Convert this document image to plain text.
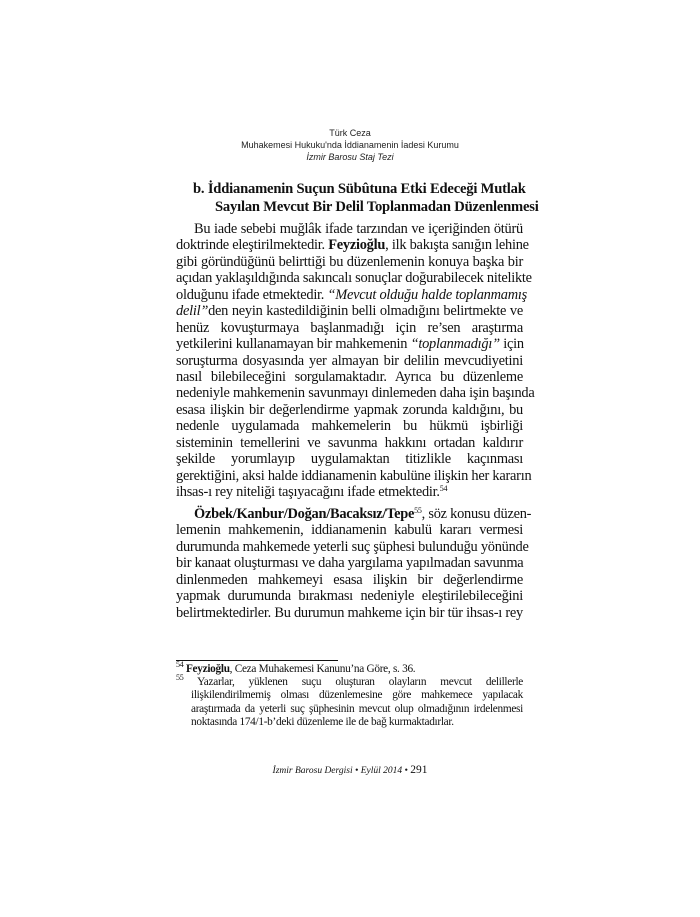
Türk Ceza
Muhakemesi Hukuku'nda İddianamenin İadesi Kurumu
İzmir Barosu Staj Tezi
b. İddianamenin Suçun Sübûtuna Etki Edeceği Mutlak
Sayılan Mevcut Bir Delil Toplanmadan Düzenlenmesi
Bu iade sebebi muğlâk ifade tarzından ve içeriğinden ötürü
doktrinde eleştirilmektedir. Feyzioğlu, ilk bakışta sanığın lehine
gibi göründüğünü belirttiği bu düzenlemenin konuya başka bir
açıdan yaklaşıldığında sakıncalı sonuçlar doğurabilecek nitelikte
olduğunu ifade etmektedir. “Mevcut olduğu halde toplanmamış
delil”den neyin kastedildiğinin belli olmadığını belirtmekte ve
henüz kovuşturmaya başlanmadığı için re’sen araştırma
yetkilerini kullanamayan bir mahkemenin “toplanmadığı” için
soruşturma dosyasında yer almayan bir delilin mevcudiyetini
nasıl bilebileceğini sorgulamaktadır. Ayrıca bu düzenleme
nedeniyle mahkemenin savunmayı dinlemeden daha işin başında
esasa ilişkin bir değerlendirme yapmak zorunda kaldığını, bu
nedenle uygulamada mahkemelerin bu hükmü işbirliği
sisteminin temellerini ve savunma hakkını ortadan kaldırır
şekilde yorumlayıp uygulamaktan titizlikle kaçınması
gerektiğini, aksi halde iddianamenin kabulüne ilişkin her kararın
ihsas-ı rey niteliği taşıyacağını ifade etmektedir.$^{54}$
Özbek/Kanbur/Doğan/Bacaksız/Tepe$^{55}$, söz konusu düzen-
lemenin mahkemenin, iddianamenin kabulü kararı vermesi
durumunda mahkemede yeterli suç şüphesi bulunduğu yönünde
bir kanaat oluşturması ve daha yargılama yapılmadan savunma
dinlenmeden mahkemeyi esasa ilişkin bir değerlendirme
yapmak durumunda bırakması nedeniyle eleştirilebileceğini
belirtmektedirler. Bu durumun mahkeme için bir tür ihsas-ı rey
$^{54}$ Feyzioğlu, Ceza Muhakemesi Kanunu’na Göre, s. 36.
$^{55}$ Yazarlar, yüklenen suçu oluşturan olayların mevcut delillerle
ilişkilendirilmemiş olması düzenlemesine göre mahkemece yapılacak
araştırmada da yeterli suç şüphesinin mevcut olup olmadığının irdelenmesi
noktasında 174/1-b’deki düzenleme ile de bağ kurmaktadırlar.
İzmir Barosu Dergisi • Eylül 2014 • 291
